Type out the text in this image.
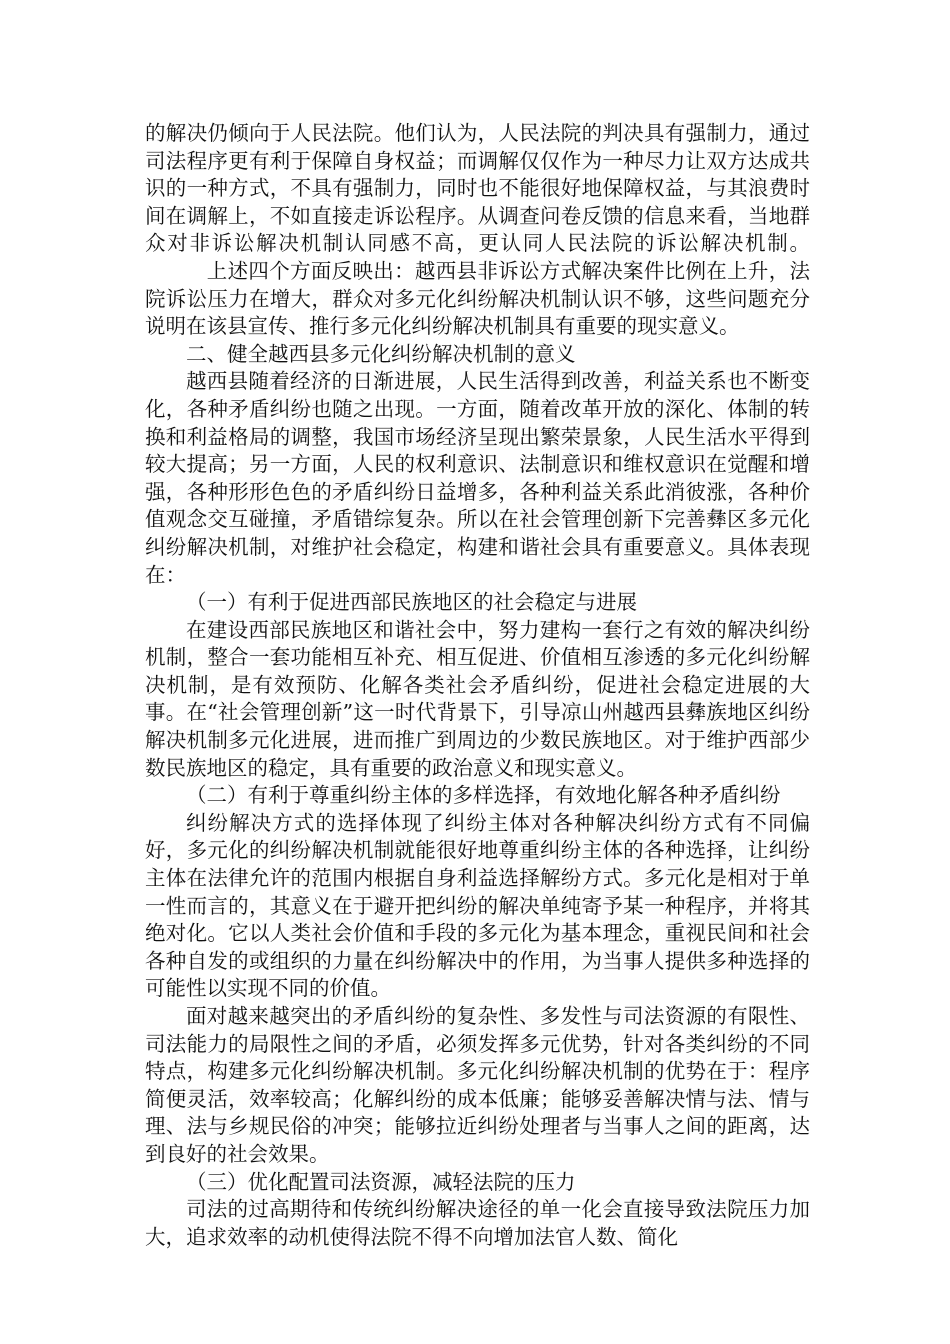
的解决仍倾向于人民法院。他们认为，人民法院的判决具有强制力，通过司法程序更有利于保障自身权益；而调解仅仅作为一种尽力让双方达成共识的一种方式，不具有强制力，同时也不能很好地保障权益，与其浪费时间在调解上，不如直接走诉讼程序。从调查问卷反馈的信息来看，当地群众对非诉讼解决机制认同感不高，更认同人民法院的诉讼解决机制。上述四个方面反映出：越西县非诉讼方式解决案件比例在上升，法院诉讼压力在增大，群众对多元化纠纷解决机制认识不够，这些问题充分说明在该县宣传、推行多元化纠纷解决机制具有重要的现实意义。

二、健全越西县多元化纠纷解决机制的意义

越西县随着经济的日渐进展，人民生活得到改善，利益关系也不断变化，各种矛盾纠纷也随之出现。一方面，随着改革开放的深化、体制的转换和利益格局的调整，我国市场经济呈现出繁荣景象，人民生活水平得到较大提高；另一方面，人民的权利意识、法制意识和维权意识在觉醒和增强，各种形形色色的矛盾纠纷日益增多，各种利益关系此消彼涨，各种价值观念交互碰撞，矛盾错综复杂。所以在社会管理创新下完善彝区多元化纠纷解决机制，对维护社会稳定，构建和谐社会具有重要意义。具体表现在：

（一）有利于促进西部民族地区的社会稳定与进展

在建设西部民族地区和谐社会中，努力建构一套行之有效的解决纠纷机制，整合一套功能相互补充、相互促进、价值相互渗透的多元化纠纷解决机制，是有效预防、化解各类社会矛盾纠纷，促进社会稳定进展的大事。在“社会管理创新”这一时代背景下，引导凉山州越西县彝族地区纠纷解决机制多元化进展，进而推广到周边的少数民族地区。对于维护西部少数民族地区的稳定，具有重要的政治意义和现实意义。

（二）有利于尊重纠纷主体的多样选择，有效地化解各种矛盾纠纷

纠纷解决方式的选择体现了纠纷主体对各种解决纠纷方式有不同偏好，多元化的纠纷解决机制就能很好地尊重纠纷主体的各种选择，让纠纷主体在法律允许的范围内根据自身利益选择解纷方式。多元化是相对于单一性而言的，其意义在于避开把纠纷的解决单纯寄予某一种程序，并将其绝对化。它以人类社会价值和手段的多元化为基本理念，重视民间和社会各种自发的或组织的力量在纠纷解决中的作用，为当事人提供多种选择的可能性以实现不同的价值。

面对越来越突出的矛盾纠纷的复杂性、多发性与司法资源的有限性、司法能力的局限性之间的矛盾，必须发挥多元优势，针对各类纠纷的不同特点，构建多元化纠纷解决机制。多元化纠纷解决机制的优势在于：程序简便灵活，效率较高；化解纠纷的成本低廉；能够妥善解决情与法、情与理、法与乡规民俗的冲突；能够拉近纠纷处理者与当事人之间的距离，达到良好的社会效果。

（三）优化配置司法资源，减轻法院的压力

司法的过高期待和传统纠纷解决途径的单一化会直接导致法院压力加大，追求效率的动机使得法院不得不向增加法官人数、简化
